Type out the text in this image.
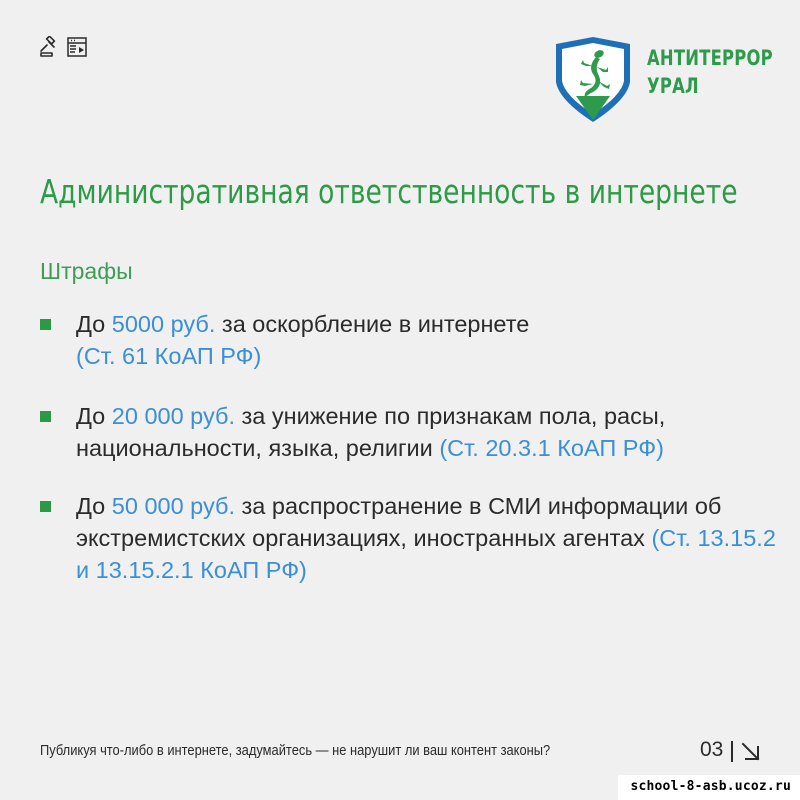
АНТИТЕРРОР
УРАЛ
Административная ответственность в интернете
Штрафы
До 5000 руб. за оскорбление в интернете
(Ст. 61 КоАП РФ)
До 20 000 руб. за унижение по признакам пола, расы, национальности, языка, религии (Ст. 20.3.1 КоАП РФ)
До 50 000 руб. за распространение в СМИ информации об экстремистских организациях, иностранных агентах (Ст. 13.15.2 и 13.15.2.1 КоАП РФ)
Публикуя что-либо в интернете, задумайтесь — не нарушит ли ваш контент законы?	03
school-8-asb.ucoz.ru
